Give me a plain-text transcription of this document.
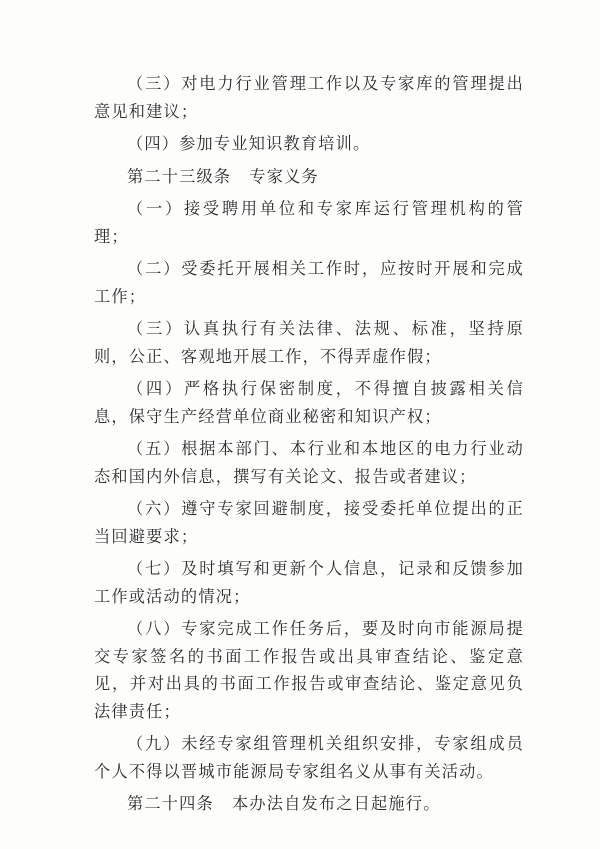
（三）对电力行业管理工作以及专家库的管理提出意见和建议；

（四）参加专业知识教育培训。

第二十三级条 专家义务

（一）接受聘用单位和专家库运行管理机构的管理；

（二）受委托开展相关工作时，应按时开展和完成工作；

（三）认真执行有关法律、法规、标准，坚持原则，公正、客观地开展工作，不得弄虚作假；

（四）严格执行保密制度，不得擅自披露相关信息，保守生产经营单位商业秘密和知识产权；

（五）根据本部门、本行业和本地区的电力行业动态和国内外信息，撰写有关论文、报告或者建议；

（六）遵守专家回避制度，接受委托单位提出的正当回避要求；

（七）及时填写和更新个人信息，记录和反馈参加工作或活动的情况；

（八）专家完成工作任务后，要及时向市能源局提交专家签名的书面工作报告或出具审查结论、鉴定意见，并对出具的书面工作报告或审查结论、鉴定意见负法律责任；

（九）未经专家组管理机关组织安排，专家组成员个人不得以晋城市能源局专家组名义从事有关活动。

第二十四条 本办法自发布之日起施行。
